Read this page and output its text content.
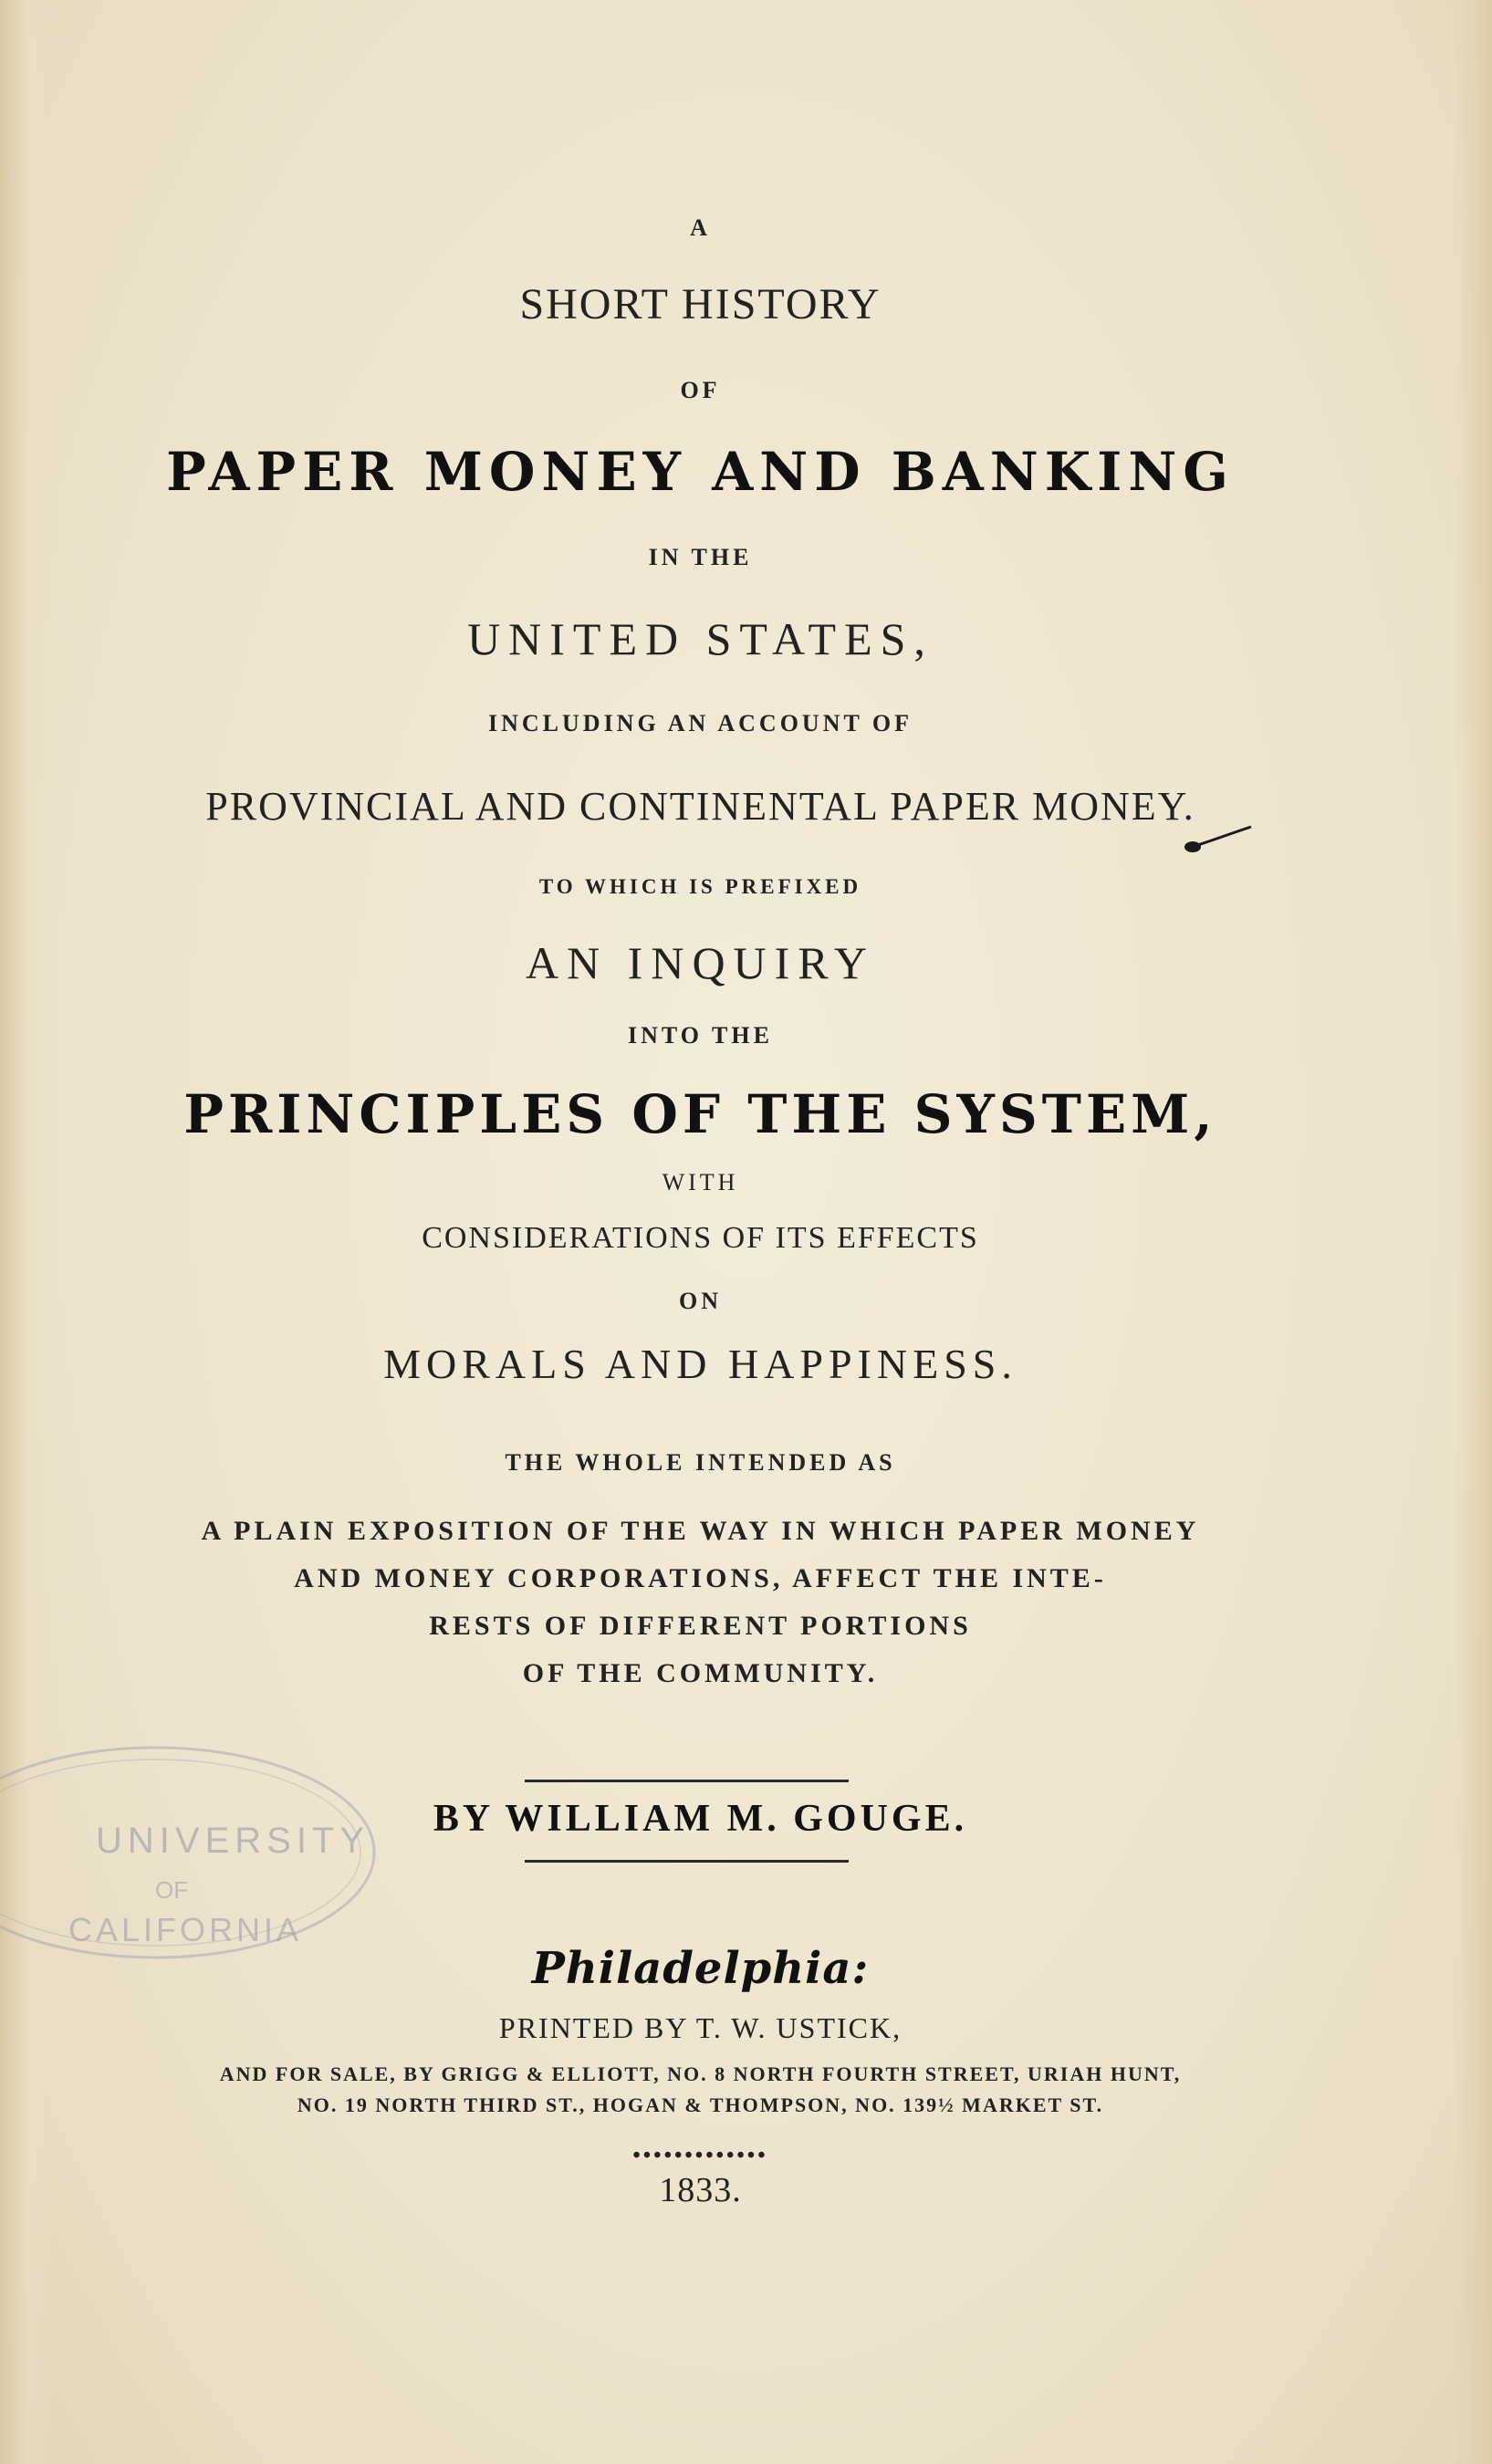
A
SHORT HISTORY
OF
PAPER MONEY AND BANKING
IN THE
UNITED STATES,
INCLUDING AN ACCOUNT OF
PROVINCIAL AND CONTINENTAL PAPER MONEY.
TO WHICH IS PREFIXED
AN INQUIRY
INTO THE
PRINCIPLES OF THE SYSTEM,
WITH
CONSIDERATIONS OF ITS EFFECTS
ON
MORALS AND HAPPINESS.
THE WHOLE INTENDED AS
A PLAIN EXPOSITION OF THE WAY IN WHICH PAPER MONEY
AND MONEY CORPORATIONS, AFFECT THE INTE-
RESTS OF DIFFERENT PORTIONS
OF THE COMMUNITY.
BY WILLIAM M. GOUGE.
Philadelphia:
PRINTED BY T. W. USTICK,
AND FOR SALE, BY GRIGG & ELLIOTT, NO. 8 NORTH FOURTH STREET, URIAH HUNT,
NO. 19 NORTH THIRD ST., HOGAN & THOMPSON, NO. 139½ MARKET ST.
•••••••••••••
1833.
UNIVERSITY
OF
CALIFORNIA
